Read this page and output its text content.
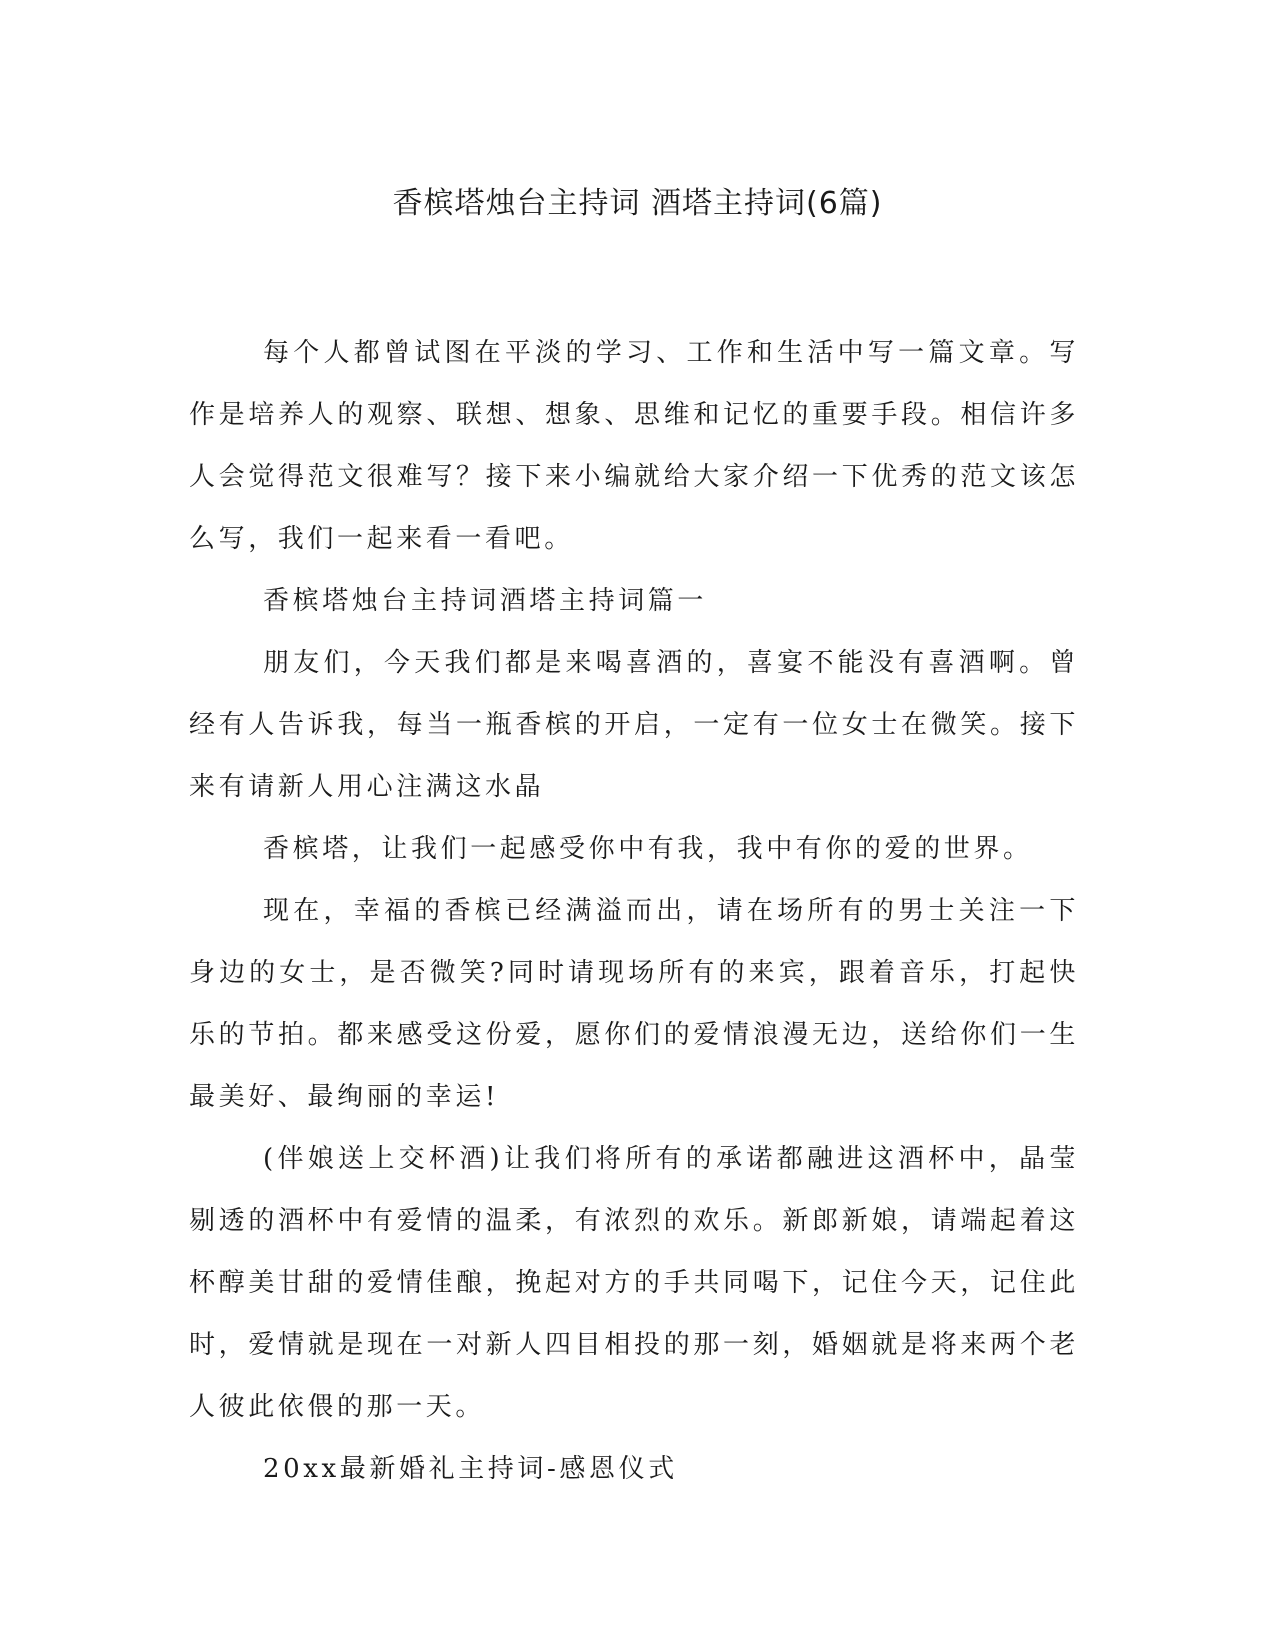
香槟塔烛台主持词 酒塔主持词(6篇)

每个人都曾试图在平淡的学习、工作和生活中写一篇文章。写作是培养人的观察、联想、想象、思维和记忆的重要手段。相信许多人会觉得范文很难写？接下来小编就给大家介绍一下优秀的范文该怎么写，我们一起来看一看吧。

香槟塔烛台主持词酒塔主持词篇一

朋友们，今天我们都是来喝喜酒的，喜宴不能没有喜酒啊。曾经有人告诉我，每当一瓶香槟的开启，一定有一位女士在微笑。接下来有请新人用心注满这水晶

香槟塔，让我们一起感受你中有我，我中有你的爱的世界。

现在，幸福的香槟已经满溢而出，请在场所有的男士关注一下身边的女士，是否微笑?同时请现场所有的来宾，跟着音乐，打起快乐的节拍。都来感受这份爱，愿你们的爱情浪漫无边，送给你们一生最美好、最绚丽的幸运!

(伴娘送上交杯酒)让我们将所有的承诺都融进这酒杯中，晶莹剔透的酒杯中有爱情的温柔，有浓烈的欢乐。新郎新娘，请端起着这杯醇美甘甜的爱情佳酿，挽起对方的手共同喝下，记住今天，记住此时，爱情就是现在一对新人四目相投的那一刻，婚姻就是将来两个老人彼此依偎的那一天。

20xx最新婚礼主持词-感恩仪式
